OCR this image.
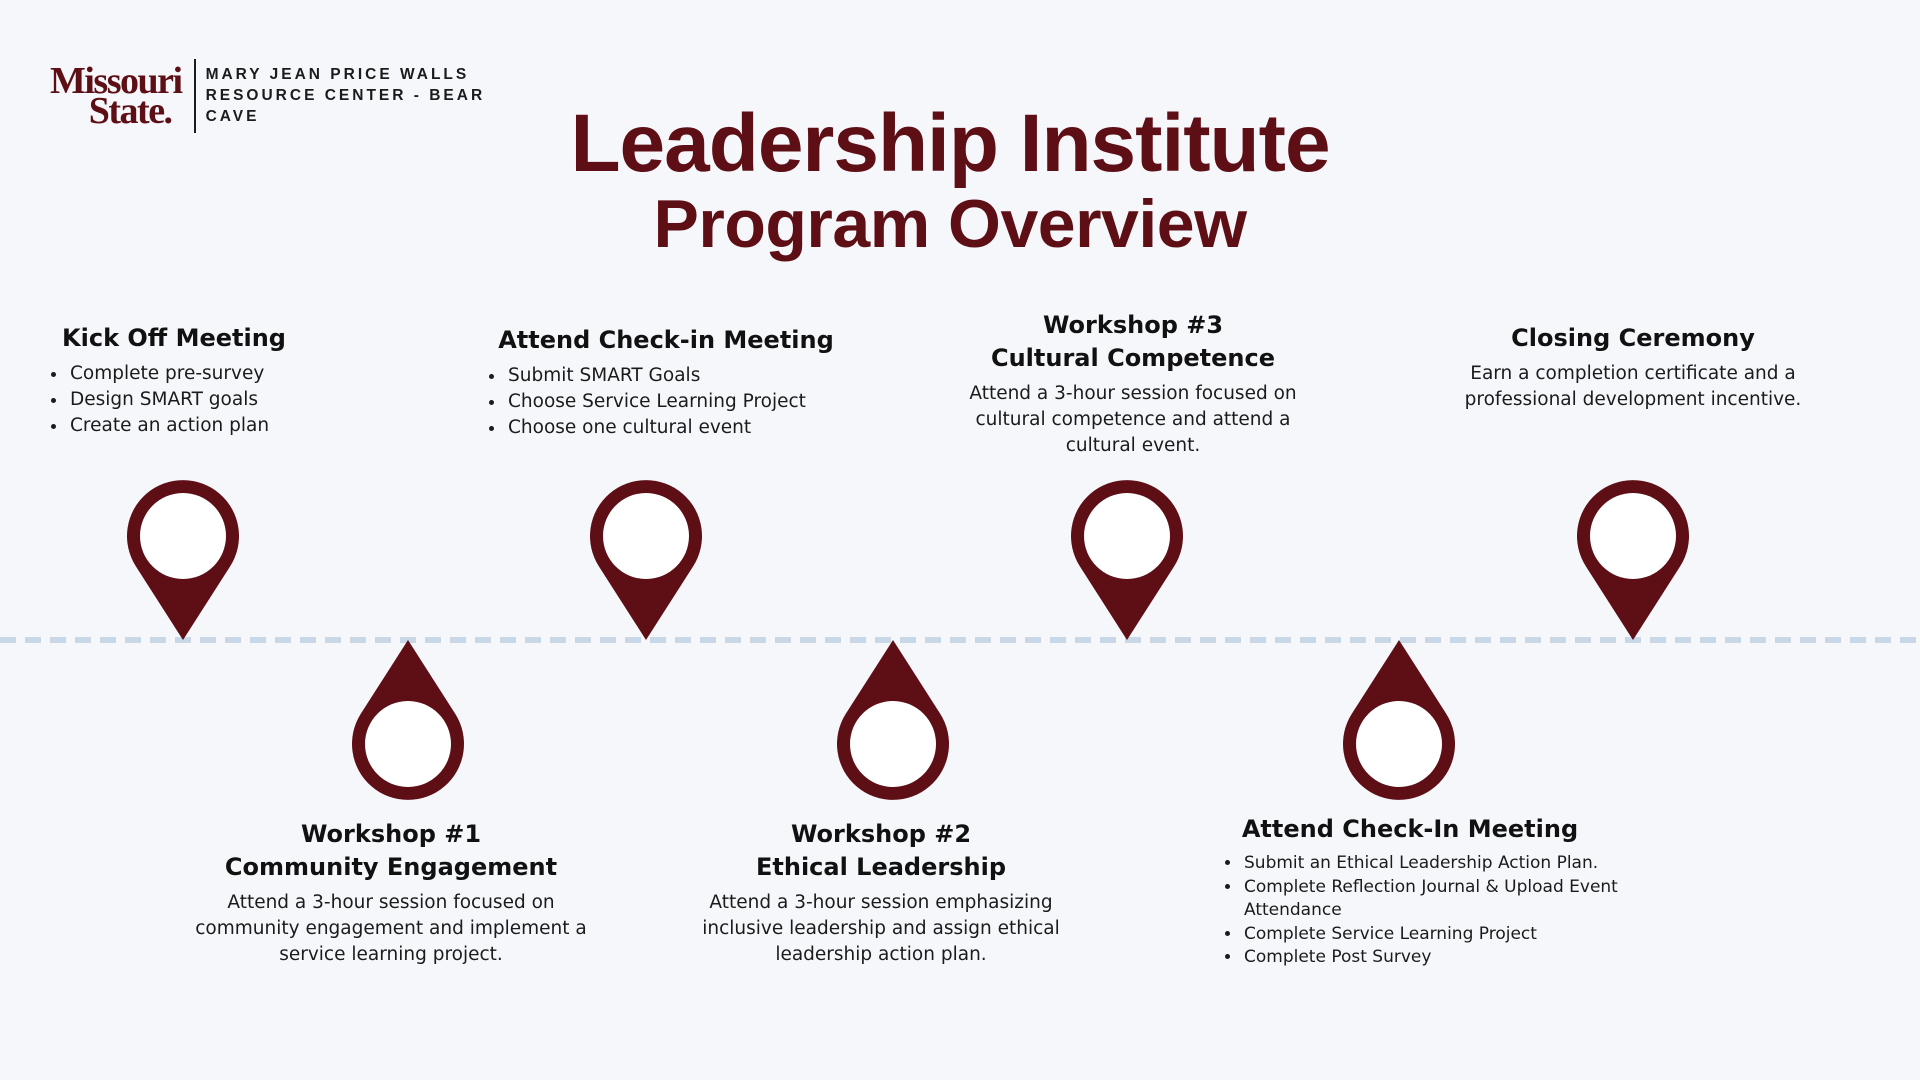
Missouri

State.
MARY JEAN PRICE WALLS RESOURCE CENTER - BEAR CAVE	Leadership Institute
Program Overview
Kick Off Meeting
• Complete pre-survey
• Design SMART goals
• Create an action plan
Workshop #1
Community Engagement

Attend a 3-hour session focused on community engagement and implement a service learning project.

Attend Check-in Meeting
• Submit SMART Goals
• Choose Service Learning Project
• Choose one cultural event
Workshop #2
Ethical Leadership

Attend a 3-hour session emphasizing inclusive leadership and assign ethical leadership action plan.

Workshop #3
Cultural Competence

Attend a 3-hour session focused on cultural competence and attend a cultural event.

Attend Check-In Meeting
• Submit an Ethical Leadership Action Plan.
• Complete Reflection Journal & Upload Event Attendance
• Complete Service Learning Project
• Complete Post Survey
Closing Ceremony

Earn a completion certificate and a professional development incentive.
